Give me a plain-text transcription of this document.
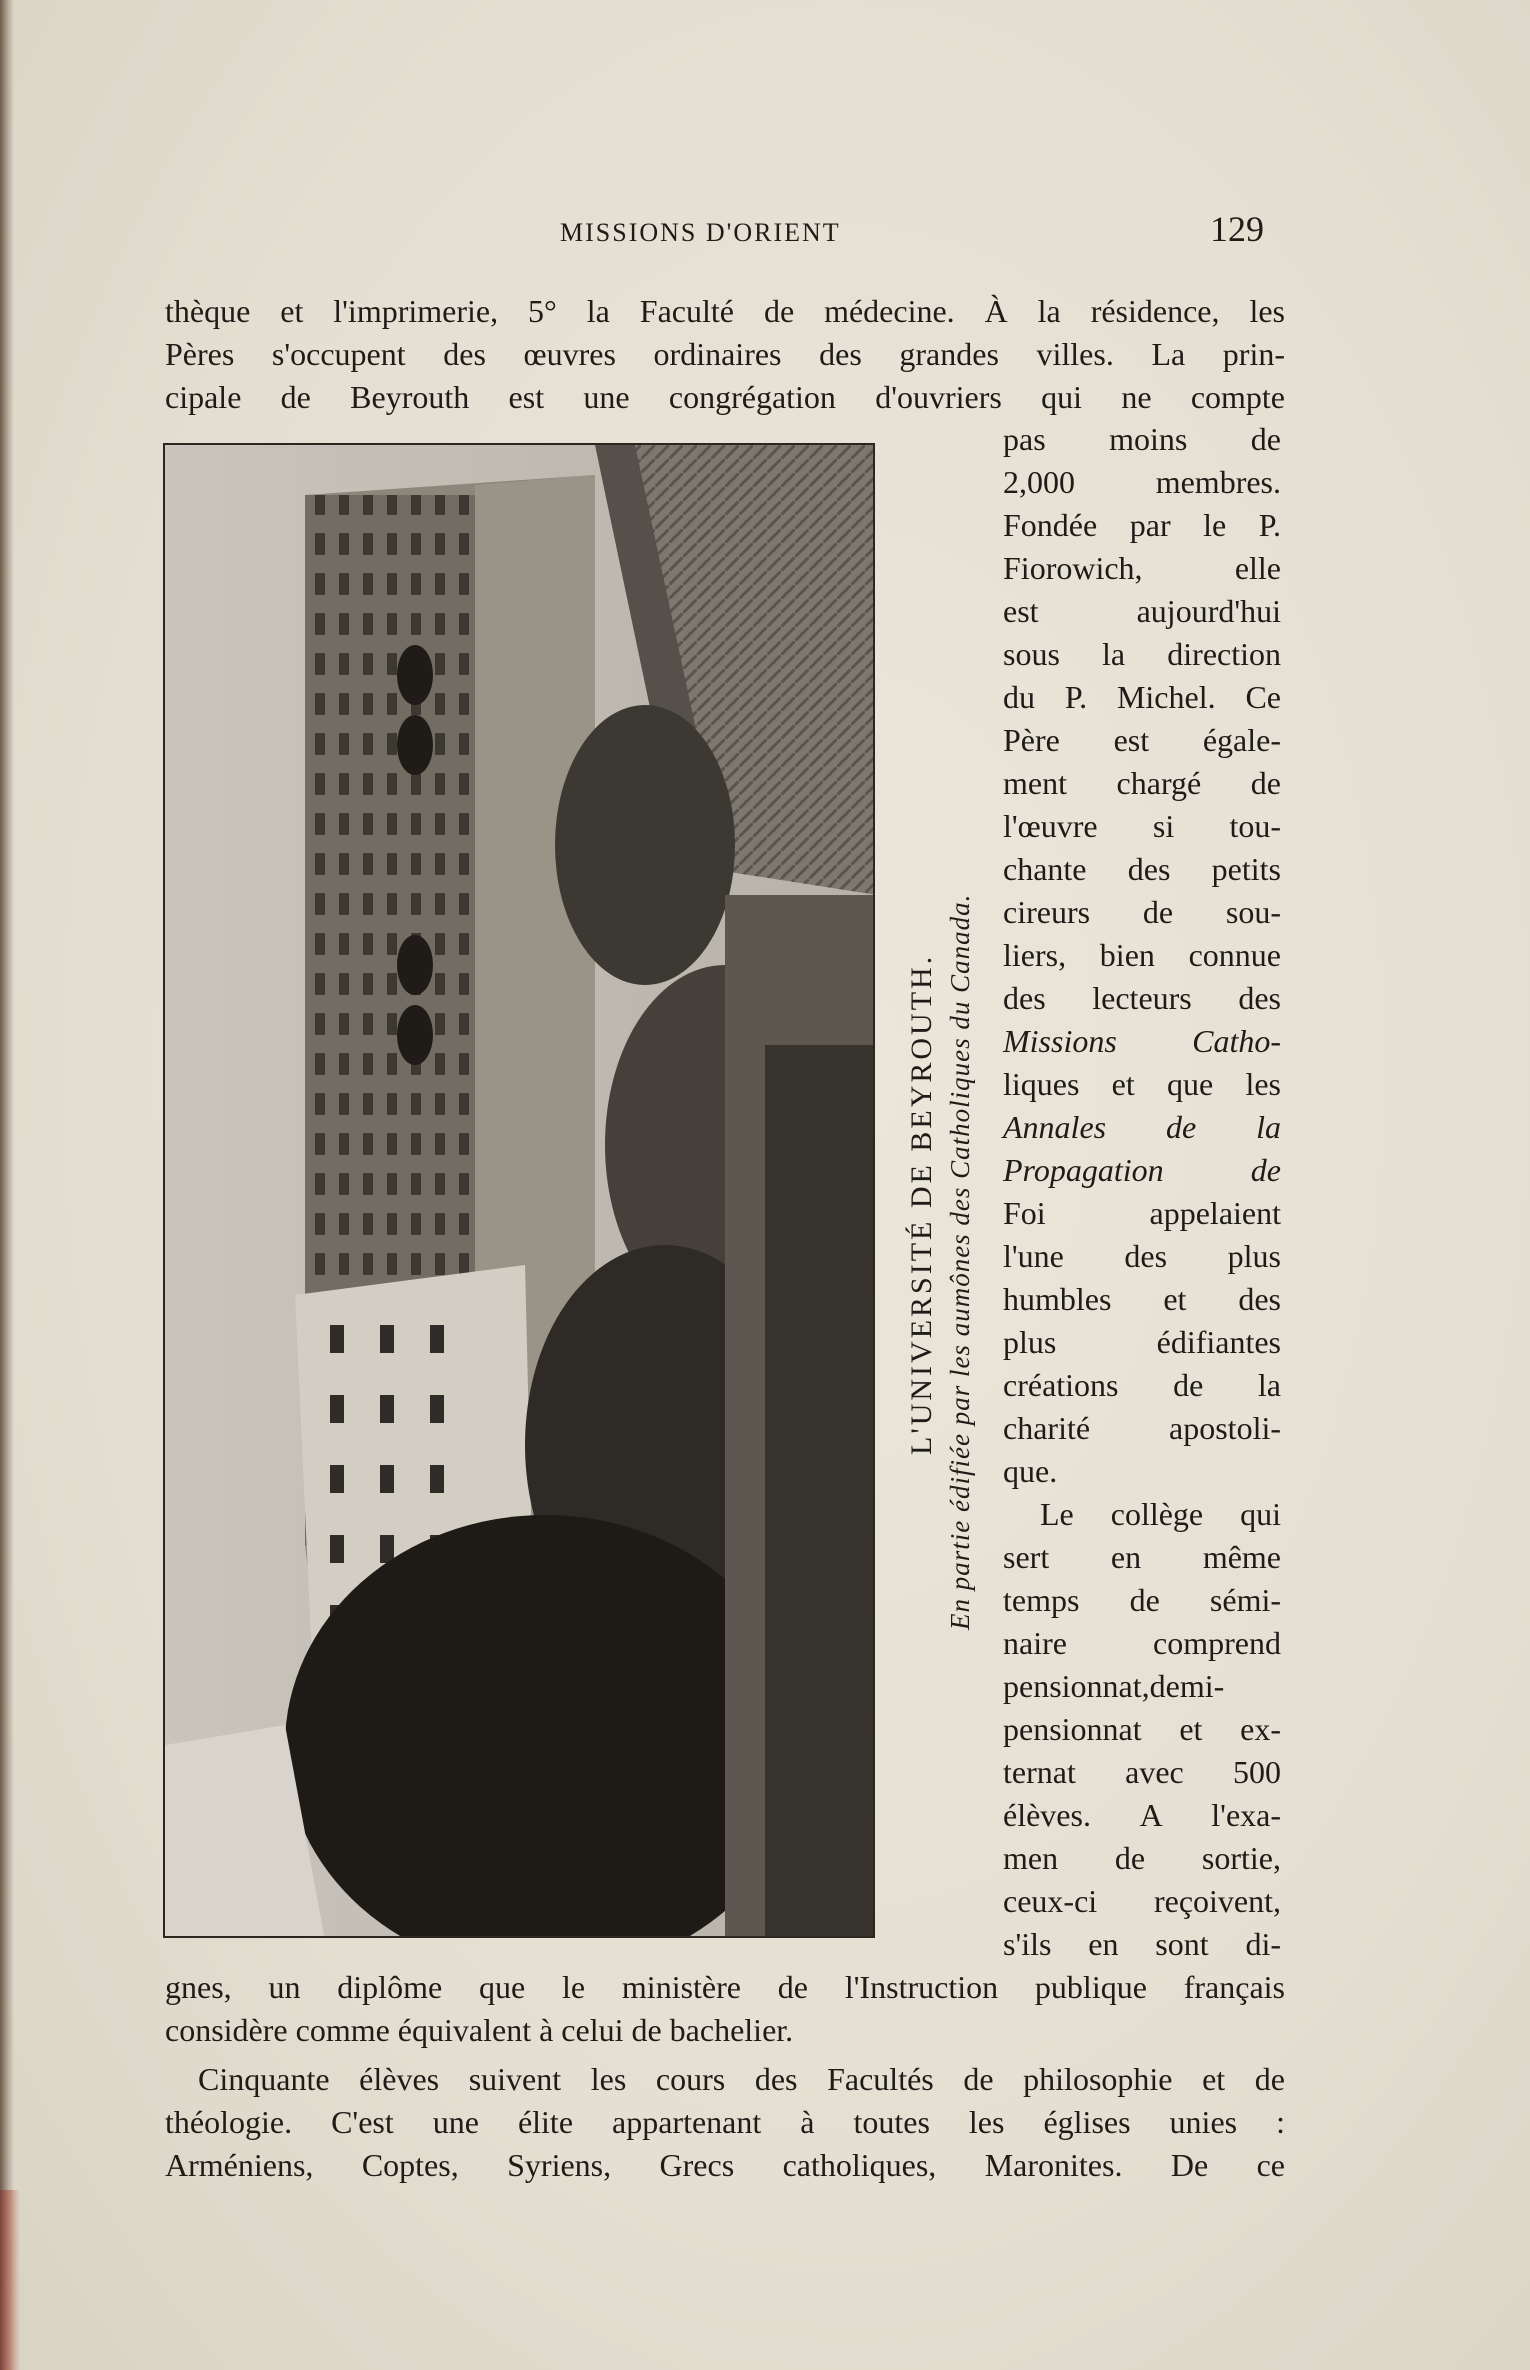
MISSIONS D'ORIENT	129
thèque et l'imprimerie, 5° la Faculté de médecine. À la résidence, les
Pères s'occupent des œuvres ordinaires des grandes villes. La prin-
cipale de Beyrouth est une congrégation d'ouvriers qui ne compte
L'UNIVERSITÉ DE BEYROUTH. En partie édifiée par les aumônes des Catholiques du Canada.
pas moins de
2,000 membres.
Fondée par le P.
Fiorowich, elle
est aujourd'hui
sous la direction
du P. Michel. Ce
Père est égale-
ment chargé de
l'œuvre si tou-
chante des petits
cireurs de sou-
liers, bien connue
des lecteurs des
Missions Catho-
liques et que les
Annales de la
Propagation de
Foi appelaient
l'une des plus
humbles et des
plus édifiantes
créations de la
charité apostoli-
que.
Le collège qui
sert en même
temps de sémi-
naire comprend
pensionnat,demi-
pensionnat et ex-
ternat avec 500
élèves. A l'exa-
men de sortie,
ceux-ci reçoivent,
s'ils en sont di-
gnes, un diplôme que le ministère de l'Instruction publique français
considère comme équivalent à celui de bachelier.
Cinquante élèves suivent les cours des Facultés de philosophie et de
théologie. C'est une élite appartenant à toutes les églises unies :
Arméniens, Coptes, Syriens, Grecs catholiques, Maronites. De ce
